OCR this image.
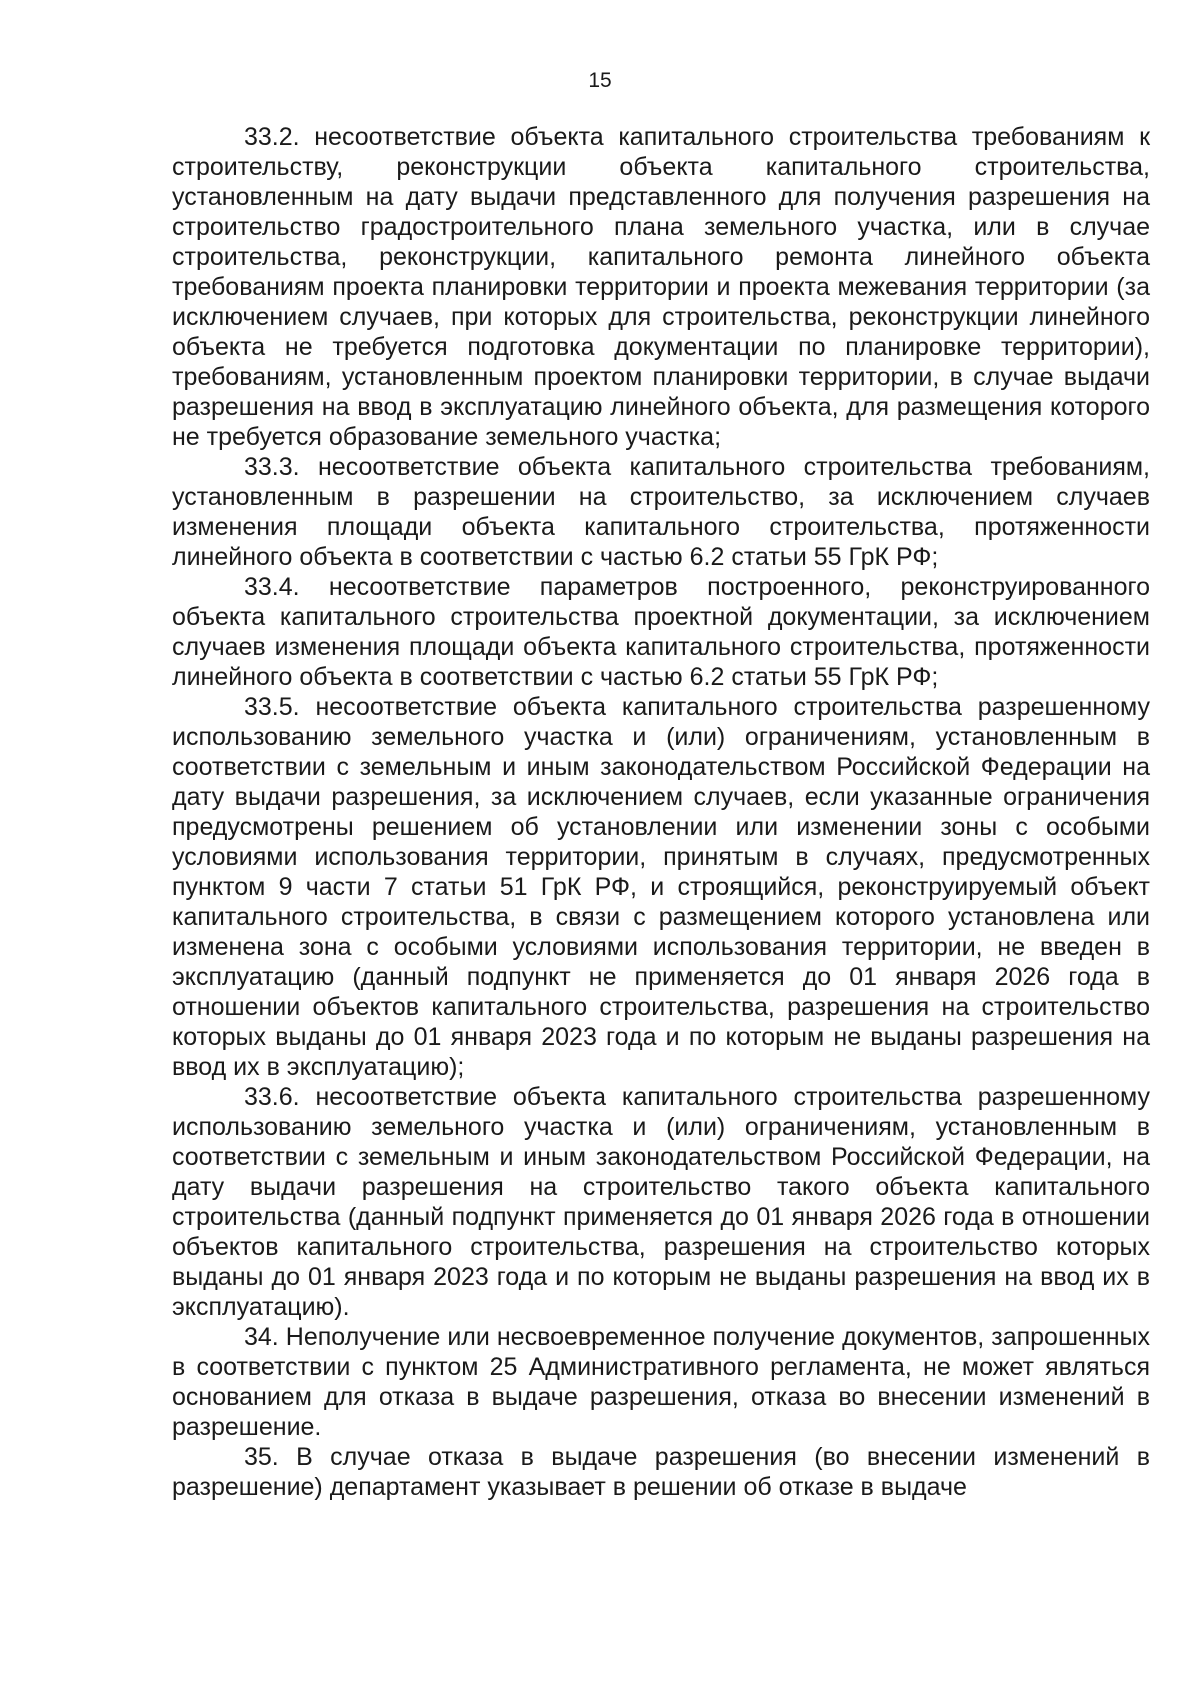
15

33.2. несоответствие объекта капитального строительства требованиям к строительству, реконструкции объекта капитального строительства, установленным на дату выдачи представленного для получения разрешения на строительство градостроительного плана земельного участка, или в случае строительства, реконструкции, капитального ремонта линейного объекта требованиям проекта планировки территории и проекта межевания территории (за исключением случаев, при которых для строительства, реконструкции линейного объекта не требуется подготовка документации по планировке территории), требованиям, установленным проектом планировки территории, в случае выдачи разрешения на ввод в эксплуатацию линейного объекта, для размещения которого не требуется образование земельного участка;

33.3. несоответствие объекта капитального строительства требованиям, установленным в разрешении на строительство, за исключением случаев изменения площади объекта капитального строительства, протяженности линейного объекта в соответствии с частью 6.2 статьи 55 ГрК РФ;

33.4. несоответствие параметров построенного, реконструированного объекта капитального строительства проектной документации, за исключением случаев изменения площади объекта капитального строительства, протяженности линейного объекта в соответствии с частью 6.2 статьи 55 ГрК РФ;

33.5. несоответствие объекта капитального строительства разрешенному использованию земельного участка и (или) ограничениям, установленным в соответствии с земельным и иным законодательством Российской Федерации на дату выдачи разрешения, за исключением случаев, если указанные ограничения предусмотрены решением об установлении или изменении зоны с особыми условиями использования территории, принятым в случаях, предусмотренных пунктом 9 части 7 статьи 51 ГрК РФ, и строящийся, реконструируемый объект капитального строительства, в связи с размещением которого установлена или изменена зона с особыми условиями использования территории, не введен в эксплуатацию (данный подпункт не применяется до 01 января 2026 года в отношении объектов капитального строительства, разрешения на строительство которых выданы до 01 января 2023 года и по которым не выданы разрешения на ввод их в эксплуатацию);

33.6. несоответствие объекта капитального строительства разрешенному использованию земельного участка и (или) ограничениям, установленным в соответствии с земельным и иным законодательством Российской Федерации, на дату выдачи разрешения на строительство такого объекта капитального строительства (данный подпункт применяется до 01 января 2026 года в отношении объектов капитального строительства, разрешения на строительство которых выданы до 01 января 2023 года и по которым не выданы разрешения на ввод их в эксплуатацию).

34. Неполучение или несвоевременное получение документов, запрошенных в соответствии с пунктом 25 Административного регламента, не может являться основанием для отказа в выдаче разрешения, отказа во внесении изменений в разрешение.

35. В случае отказа в выдаче разрешения (во внесении изменений в разрешение) департамент указывает в решении об отказе в выдаче
